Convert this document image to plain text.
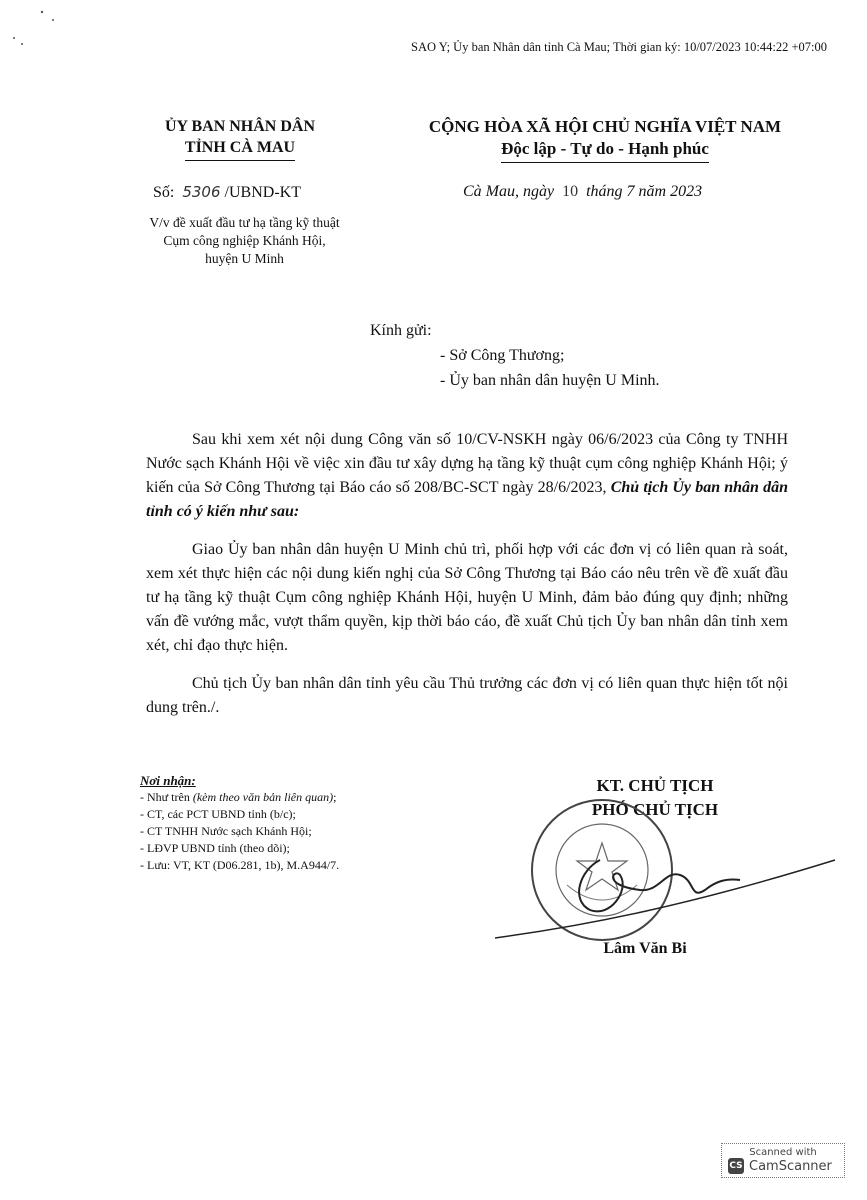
SAO Y; Ủy ban Nhân dân tỉnh Cà Mau; Thời gian ký: 10/07/2023 10:44:22 +07:00
ỦY BAN NHÂN DÂN
TỈNH CÀ MAU
CỘNG HÒA XÃ HỘI CHỦ NGHĨA VIỆT NAM
Độc lập - Tự do - Hạnh phúc
Số: 5306 /UBND-KT	Cà Mau, ngày 10 tháng 7 năm 2023
V/v đề xuất đầu tư hạ tầng kỹ thuật
Cụm công nghiệp Khánh Hội,
huyện U Minh
Kính gửi:
- Sở Công Thương;
- Ủy ban nhân dân huyện U Minh.

Sau khi xem xét nội dung Công văn số 10/CV-NSKH ngày 06/6/2023 của Công ty TNHH Nước sạch Khánh Hội về việc xin đầu tư xây dựng hạ tầng kỹ thuật cụm công nghiệp Khánh Hội; ý kiến của Sở Công Thương tại Báo cáo số 208/BC-SCT ngày 28/6/2023, Chủ tịch Ủy ban nhân dân tỉnh có ý kiến như sau:

Giao Ủy ban nhân dân huyện U Minh chủ trì, phối hợp với các đơn vị có liên quan rà soát, xem xét thực hiện các nội dung kiến nghị của Sở Công Thương tại Báo cáo nêu trên về đề xuất đầu tư hạ tầng kỹ thuật Cụm công nghiệp Khánh Hội, huyện U Minh, đảm bảo đúng quy định; những vấn đề vướng mắc, vượt thẩm quyền, kịp thời báo cáo, đề xuất Chủ tịch Ủy ban nhân dân tỉnh xem xét, chỉ đạo thực hiện.

Chủ tịch Ủy ban nhân dân tỉnh yêu cầu Thủ trưởng các đơn vị có liên quan thực hiện tốt nội dung trên./.

Nơi nhận:
- Như trên (kèm theo văn bản liên quan);
- CT, các PCT UBND tỉnh (b/c);
- CT TNHH Nước sạch Khánh Hội;
- LĐVP UBND tỉnh (theo dõi);
- Lưu: VT, KT (D06.281, 1b), M.A944/7.
KT. CHỦ TỊCH
PHÓ CHỦ TỊCH
Lâm Văn Bi
Scanned with
CS CamScanner
